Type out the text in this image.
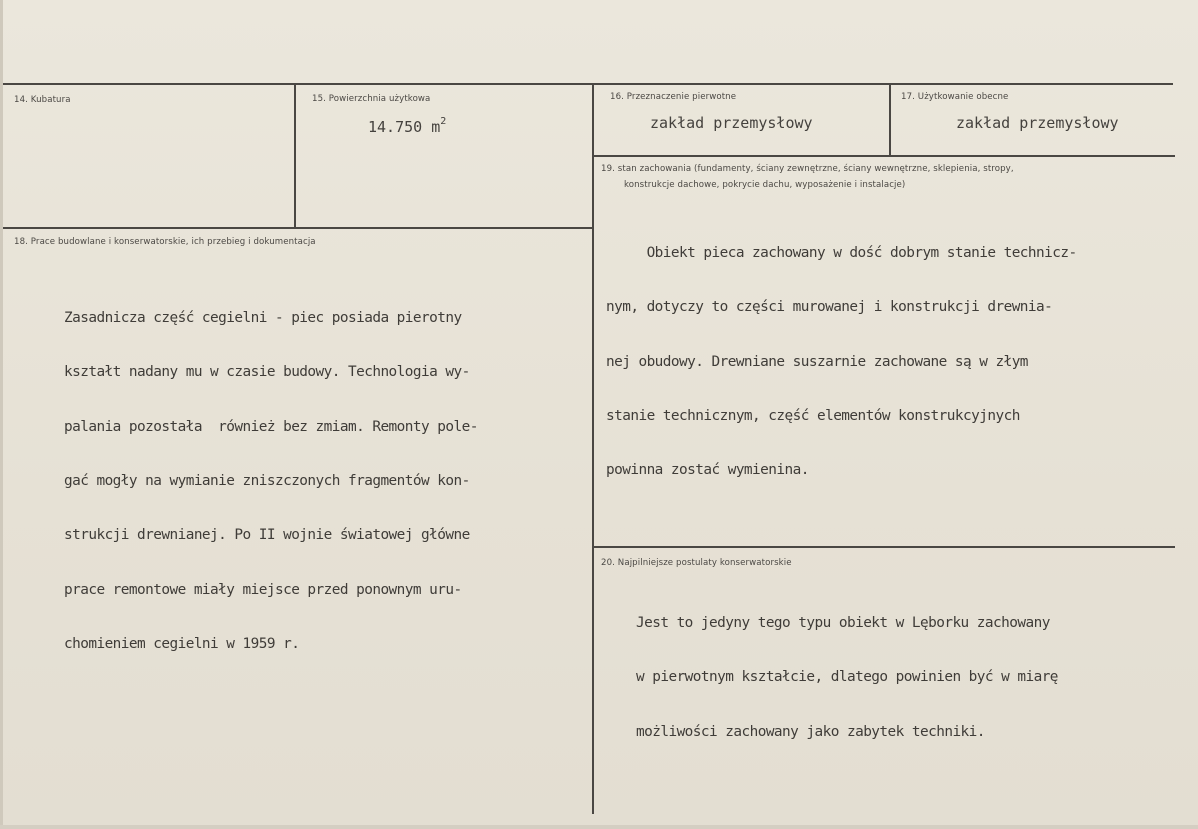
14. Kubatura	15. Powierzchnia użytkowa
14.750 $m^2$
16. Przeznaczenie pierwotne
zakład przemysłowy
17. Użytkowanie obecne
zakład przemysłowy
18. Prace budowlane i konserwatorskie, ich przebieg i dokumentacja

Zasadnicza część cegielni - piec posiada pierotny

kształt nadany mu w czasie budowy. Technologia wy-

palania pozostała  również bez zmiam. Remonty pole-

gać mogły na wymianie zniszczonych fragmentów kon-

strukcji drewnianej. Po II wojnie światowej główne

prace remontowe miały miejsce przed ponownym uru-

chomieniem cegielni w 1959 r.

19. stan zachowania (fundamenty, ściany zewnętrzne, ściany wewnętrzne, sklepienia, stropy,
konstrukcje dachowe, pokrycie dachu, wyposażenie i instalacje)

Obiekt pieca zachowany w dość dobrym stanie technicz-

nym, dotyczy to części murowanej i konstrukcji drewnia-

nej obudowy. Drewniane suszarnie zachowane są w złym

stanie technicznym, część elementów konstrukcyjnych

powinna zostać wymienina.

20. Najpilniejsze postulaty konserwatorskie

Jest to jedyny tego typu obiekt w Lęborku zachowany

w pierwotnym kształcie, dlatego powinien być w miarę

możliwości zachowany jako zabytek techniki.
